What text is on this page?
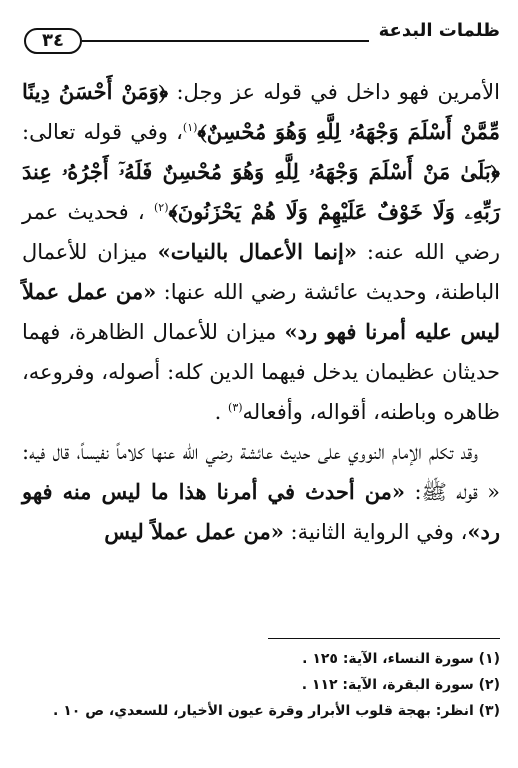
٣٤	ظلمات البدعة

الأمرين فهو داخل في قوله عز وجل: ﴿وَمَنْ أَحْسَنُ دِينًا مِّمَّنْ أَسْلَمَ وَجْهَهُۥ لِلَّهِ وَهُوَ مُحْسِنٌ﴾$^{(١)}$، وفي قوله تعالى: ﴿بَلَىٰ مَنْ أَسْلَمَ وَجْهَهُۥ لِلَّهِ وَهُوَ مُحْسِنٌ فَلَهُۥٓ أَجْرُهُۥ عِندَ رَبِّهِۦ وَلَا خَوْفٌ عَلَيْهِمْ وَلَا هُمْ يَحْزَنُونَ﴾$^{(٢)}$ ، فحديث عمر رضي الله عنه: «إنما الأعمال بالنيات» ميزان للأعمال الباطنة، وحديث عائشة رضي الله عنها: «من عمل عملاً ليس عليه أمرنا فهو رد» ميزان للأعمال الظاهرة، فهما حديثان عظيمان يدخل فيهما الدين كله: أصوله، وفروعه، ظاهره وباطنه، أقواله، وأفعاله$^{(٣)}$ .

وقد تكلم الإمام النووي على حديث عائشة رضي الله عنها كلاماً نفيساً، قال فيه: « قوله ﷺ: «من أحدث في أمرنا هذا ما ليس منه فهو رد»، وفي الرواية الثانية: «من عمل عملاً ليس

(١) سورة النساء، الآية: ١٢٥ .
(٢) سورة البقرة، الآية: ١١٢ .
(٣) انظر: بهجة قلوب الأبرار وقرة عيون الأخيار، للسعدي، ص ١٠ .
